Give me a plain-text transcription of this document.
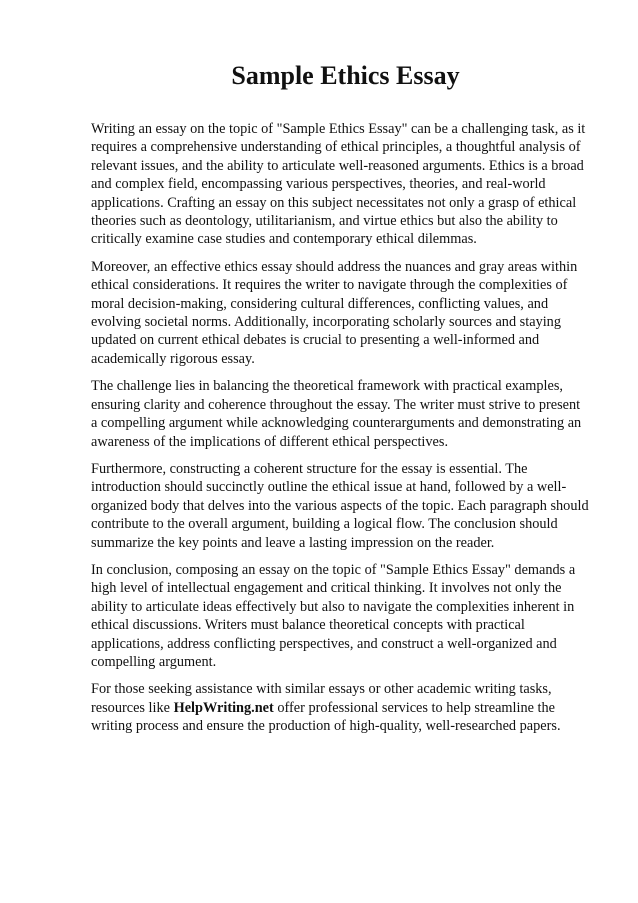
Sample Ethics Essay

Writing an essay on the topic of "Sample Ethics Essay" can be a challenging task, as it requires a comprehensive understanding of ethical principles, a thoughtful analysis of relevant issues, and the ability to articulate well-reasoned arguments. Ethics is a broad and complex field, encompassing various perspectives, theories, and real-world applications. Crafting an essay on this subject necessitates not only a grasp of ethical theories such as deontology, utilitarianism, and virtue ethics but also the ability to critically examine case studies and contemporary ethical dilemmas.

Moreover, an effective ethics essay should address the nuances and gray areas within ethical considerations. It requires the writer to navigate through the complexities of moral decision-making, considering cultural differences, conflicting values, and evolving societal norms. Additionally, incorporating scholarly sources and staying updated on current ethical debates is crucial to presenting a well-informed and academically rigorous essay.

The challenge lies in balancing the theoretical framework with practical examples, ensuring clarity and coherence throughout the essay. The writer must strive to present a compelling argument while acknowledging counterarguments and demonstrating an awareness of the implications of different ethical perspectives.

Furthermore, constructing a coherent structure for the essay is essential. The introduction should succinctly outline the ethical issue at hand, followed by a well-organized body that delves into the various aspects of the topic. Each paragraph should contribute to the overall argument, building a logical flow. The conclusion should summarize the key points and leave a lasting impression on the reader.

In conclusion, composing an essay on the topic of "Sample Ethics Essay" demands a high level of intellectual engagement and critical thinking. It involves not only the ability to articulate ideas effectively but also to navigate the complexities inherent in ethical discussions. Writers must balance theoretical concepts with practical applications, address conflicting perspectives, and construct a well-organized and compelling argument.

For those seeking assistance with similar essays or other academic writing tasks, resources like HelpWriting.net offer professional services to help streamline the writing process and ensure the production of high-quality, well-researched papers.
